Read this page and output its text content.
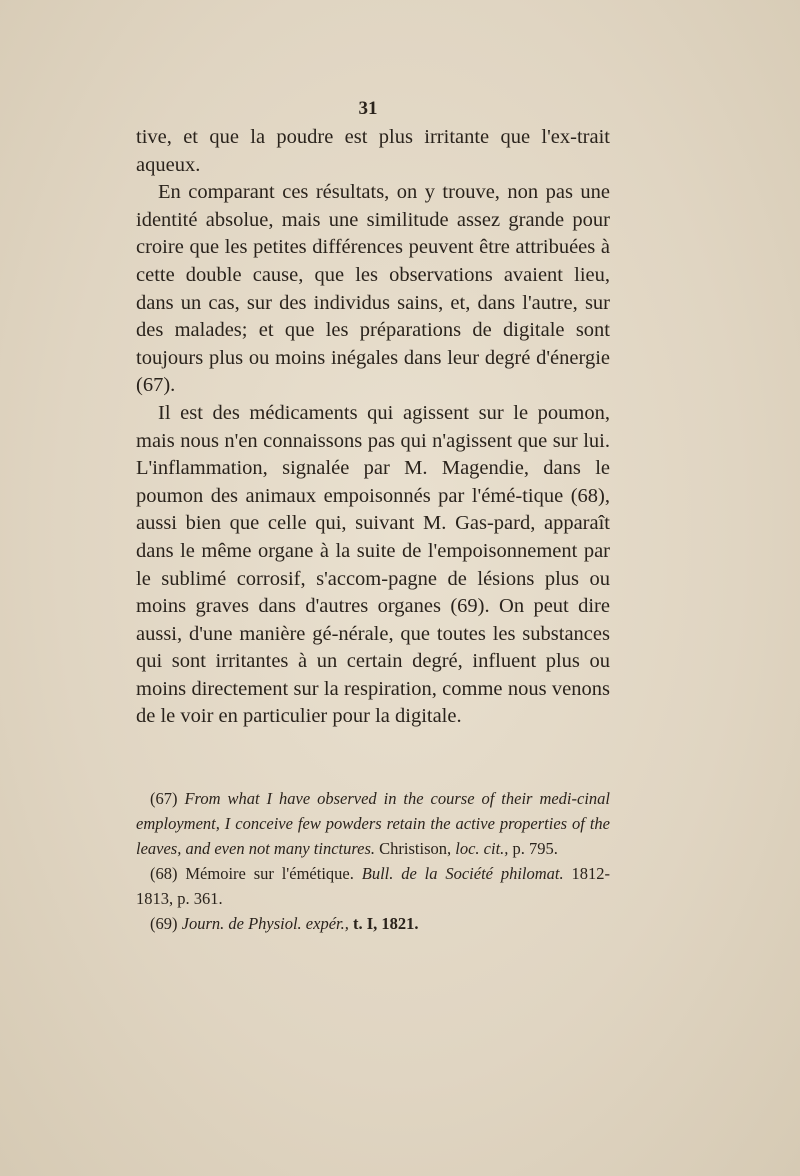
31

tive, et que la poudre est plus irritante que l'ex-trait aqueux.

En comparant ces résultats, on y trouve, non pas une identité absolue, mais une similitude assez grande pour croire que les petites différences peuvent être attribuées à cette double cause, que les observations avaient lieu, dans un cas, sur des individus sains, et, dans l'autre, sur des malades; et que les préparations de digitale sont toujours plus ou moins inégales dans leur degré d'énergie (67).

Il est des médicaments qui agissent sur le poumon, mais nous n'en connaissons pas qui n'agissent que sur lui. L'inflammation, signalée par M. Magendie, dans le poumon des animaux empoisonnés par l'émé-tique (68), aussi bien que celle qui, suivant M. Gas-pard, apparaît dans le même organe à la suite de l'empoisonnement par le sublimé corrosif, s'accom-pagne de lésions plus ou moins graves dans d'autres organes (69). On peut dire aussi, d'une manière gé-nérale, que toutes les substances qui sont irritantes à un certain degré, influent plus ou moins directement sur la respiration, comme nous venons de le voir en particulier pour la digitale.

(67) From what I have observed in the course of their medi-cinal employment, I conceive few powders retain the active properties of the leaves, and even not many tinctures. Christison, loc. cit., p. 795.

(68) Mémoire sur l'émétique. Bull. de la Société philomat. 1812-1813, p. 361.

(69) Journ. de Physiol. expér., t. I, 1821.
